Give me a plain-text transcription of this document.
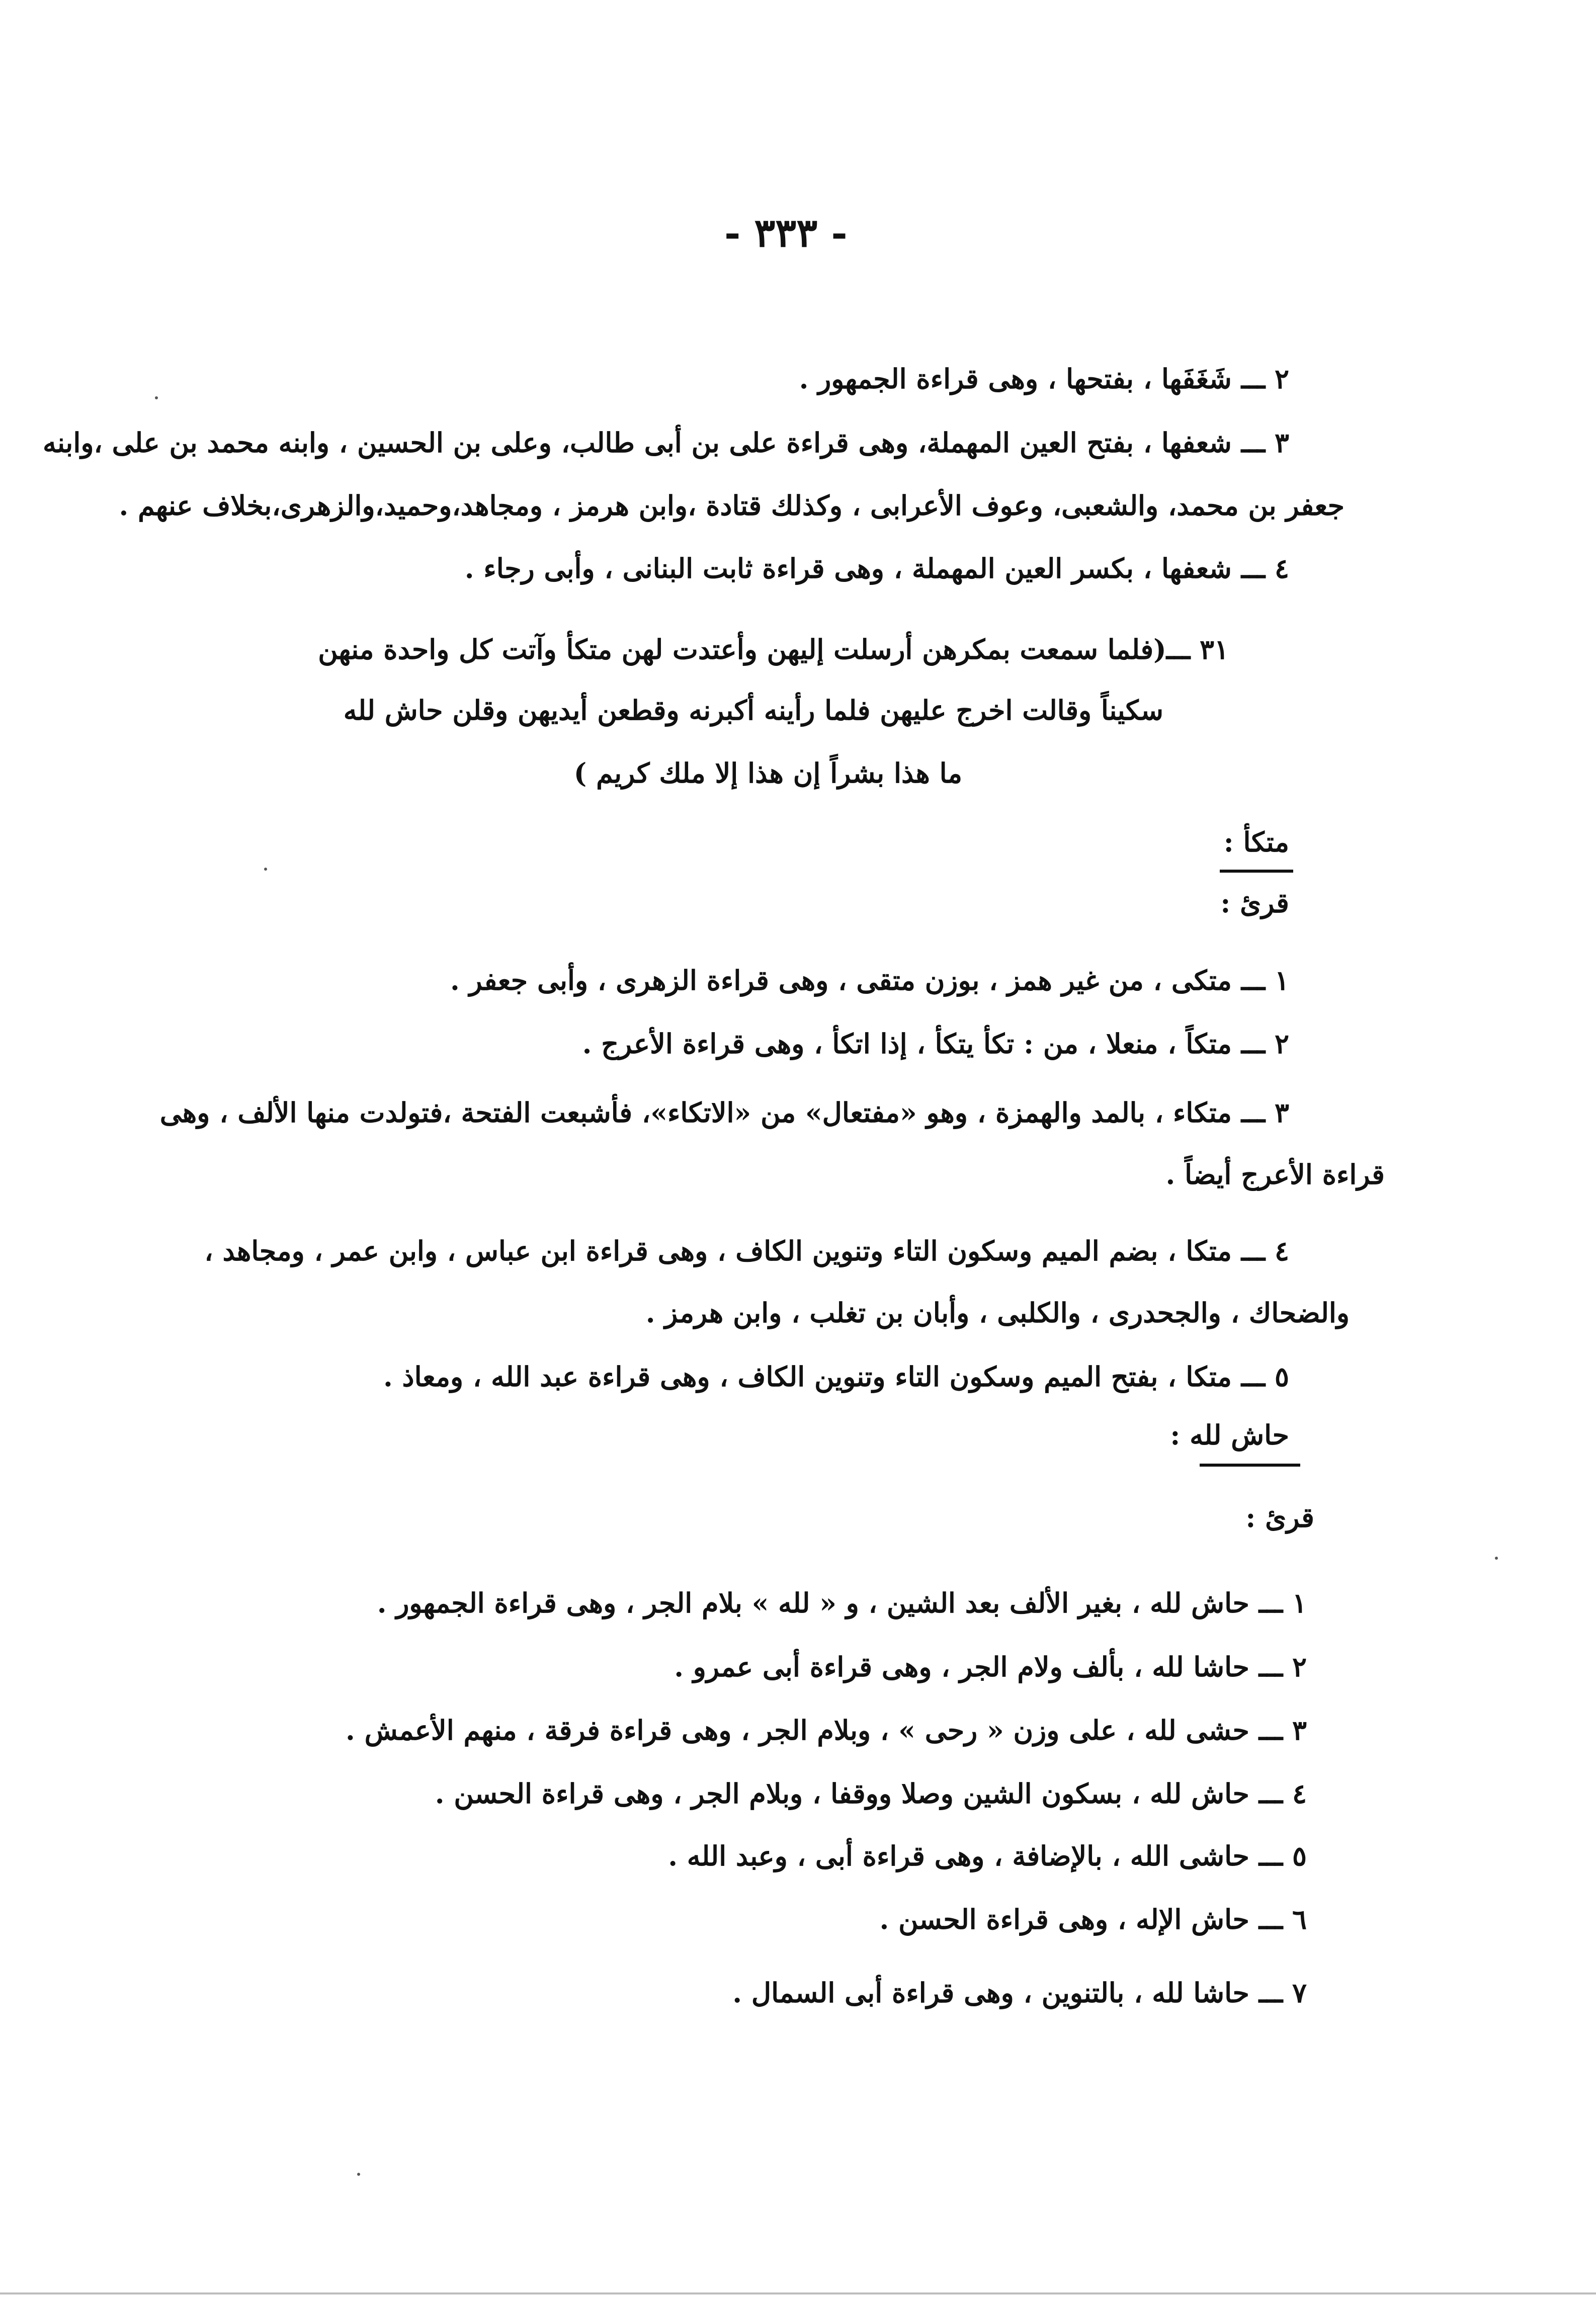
- ٣٣٣ -
٢ ـــ شَغَفَها ، بفتحها ، وهى قراءة الجمهور .
٣ ـــ شعفها ، بفتح العين المهملة، وهى قراءة على بن أبى طالب، وعلى بن الحسين ، وابنه محمد بن على ،وابنه
جعفر بن محمد، والشعبى، وعوف الأعرابى ، وكذلك قتادة ،وابن هرمز ، ومجاهد،وحميد،والزهرى،بخلاف عنهم .
٤ ـــ شعفها ، بكسر العين المهملة ، وهى قراءة ثابت البنانى ، وأبى رجاء .
٣١ ـــ(فلما سمعت بمكرهن أرسلت إليهن وأعتدت لهن متكأ وآتت كل واحدة منهن
سكيناً وقالت اخرج عليهن فلما رأينه أكبرنه وقطعن أيديهن وقلن حاش لله
ما هذا بشراً إن هذا إلا ملك كريم )
متكأ :
قرئ :
١ ـــ متكى ، من غير همز ، بوزن متقى ، وهى قراءة الزهرى ، وأبى جعفر .
٢ ـــ متكاً ، منعلا ، من : تكأ يتكأ ، إذا اتكأ ، وهى قراءة الأعرج .
٣ ـــ متكاء ، بالمد والهمزة ، وهو «مفتعال» من «الاتكاء»، فأشبعت الفتحة ،فتولدت منها الألف ، وهى
قراءة الأعرج أيضاً .
٤ ـــ متكا ، بضم الميم وسكون التاء وتنوين الكاف ، وهى قراءة ابن عباس ، وابن عمر ، ومجاهد ،
والضحاك ، والجحدرى ، والكلبى ، وأبان بن تغلب ، وابن هرمز .
٥ ـــ متكا ، بفتح الميم وسكون التاء وتنوين الكاف ، وهى قراءة عبد الله ، ومعاذ .
حاش لله :
قرئ :
١ ـــ حاش لله ، بغير الألف بعد الشين ، و « لله » بلام الجر ، وهى قراءة الجمهور .
٢ ـــ حاشا لله ، بألف ولام الجر ، وهى قراءة أبى عمرو .
٣ ـــ حشى لله ، على وزن « رحى » ، وبلام الجر ، وهى قراءة فرقة ، منهم الأعمش .
٤ ـــ حاش لله ، بسكون الشين وصلا ووقفا ، وبلام الجر ، وهى قراءة الحسن .
٥ ـــ حاشى الله ، بالإضافة ، وهى قراءة أبى ، وعبد الله .
٦ ـــ حاش الإله ، وهى قراءة الحسن .
٧ ـــ حاشا لله ، بالتنوين ، وهى قراءة أبى السمال .
